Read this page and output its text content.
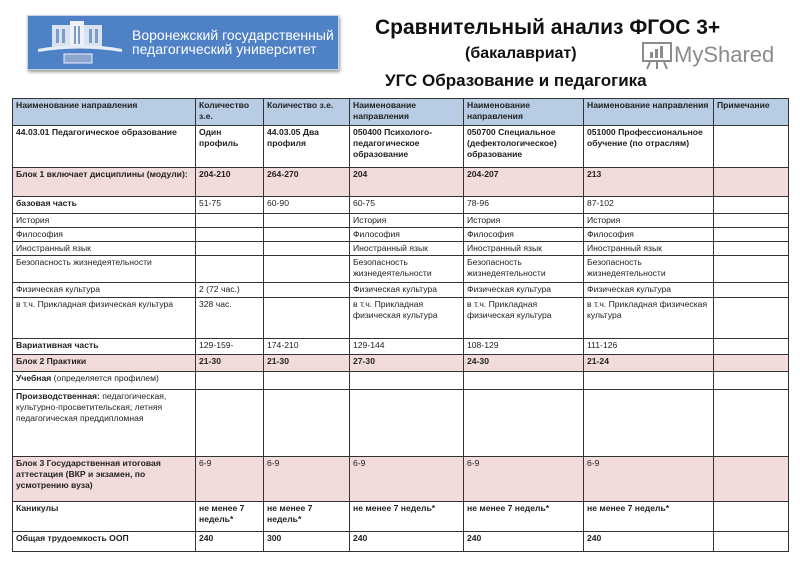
Воронежский государственный
педагогический университет
Сравнительный анализ ФГОС 3+
(бакалавриат)
УГС Образование и педагогика
Наименование направления	Количество з.е.	Количество з.е.	Наименование направления	Наименование направления	Наименование направления	Примечание
44.03.01 Педагогическое образование	Один профиль	44.03.05 Два профиля	050400 Психолого-педагогическое образование	050700 Специальное (дефектологическое) образование	051000 Профессиональное обучение (по отраслям)	
Блок 1 включает дисциплины (модули):	204-210	264-270	204	204-207	213	
базовая часть	51-75	60-90	60-75	78-96	87-102	
История			История	История	История	
Философия			Философия	Философия	Философия	
Иностранный язык			Иностранный язык	Иностранный язык	Иностранный язык	
Безопасность жизнедеятельности			Безопасность жизнедеятельности	Безопасность жизнедеятельности	Безопасность жизнедеятельности	
Физическая культура	2 (72 час.)		Физическая культура	Физическая культура	Физическая культура	
в т.ч. Прикладная физическая культура	328 час.		в т.ч. Прикладная физическая культура	в т.ч. Прикладная физическая культура	в т.ч. Прикладная физическая культура	
Вариативная часть	129-159-	174-210	129-144	108-129	111-126	
Блок 2 Практики	21-30	21-30	27-30	24-30	21-24	
Учебная (определяется профилем)						
Производственная: педагогическая, культурно-просветительская; летняя педагогическая преддипломная						
Блок 3 Государственная итоговая аттестация (ВКР и экзамен, по усмотрению вуза)	6-9	6-9	6-9	6-9	6-9	
Каникулы	не менее 7 недель*	не менее 7 недель*	не менее 7 недель*	не менее 7 недель*	не менее 7 недель*	
Общая трудоемкость ООП	240	300	240	240	240	
MyShared
